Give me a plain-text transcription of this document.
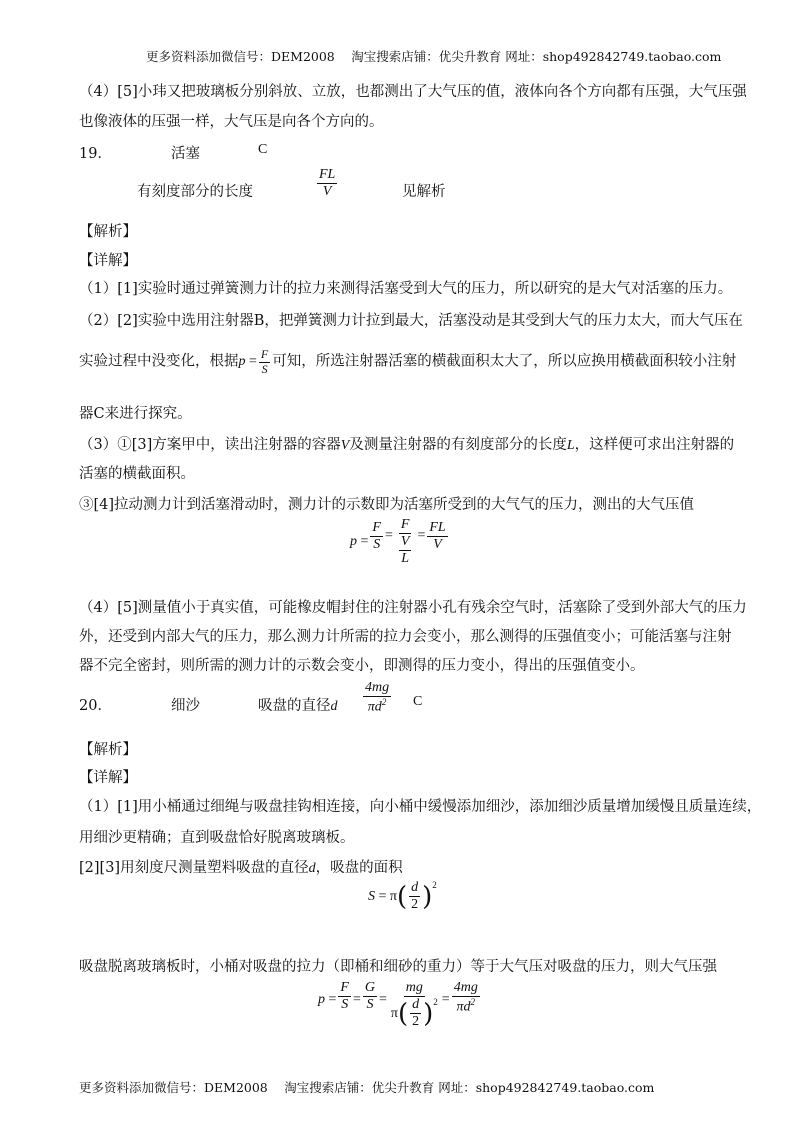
更多资料添加微信号：DEM2008　 淘宝搜索店铺：优尖升教育 网址：shop492842749.taobao.com
（4）[5]小玮又把玻璃板分别斜放、立放，也都测出了大气压的值，液体向各个方向都有压强，大气压强
也像液体的压强一样，大气压是向各个方向的。
19．	活塞	C
有刻度部分的长度	$\frac{FL}{V}$	见解析
【解析】
【详解】
（1）[1]实验时通过弹簧测力计的拉力来测得活塞受到大气的压力，所以研究的是大气对活塞的压力。
（2）[2]实验中选用注射器B，把弹簧测力计拉到最大，活塞没动是其受到大气的压力太大，而大气压在
实验过程中没变化，根据 p
= $\frac{F}{S}$ 可知，所选注射器活塞的横截面积太大了，所以应换用横截面积较小注射
器C来进行探究。
（3）①[3]方案甲中，读出注射器的容器V及测量注射器的有刻度部分的长度L，这样便可求出注射器的
活塞的横截面积。
③[4]拉动测力计到活塞滑动时，测力计的示数即为活塞所受到的大气气的压力，测出的大气压值
p
= $\frac{F}{S} = \frac{F}{\frac{V}{L}} = \frac{FL}{V}$
（4）[5]测量值小于真实值，可能橡皮帽封住的注射器小孔有残余空气时，活塞除了受到外部大气的压力
外，还受到内部大气的压力，那么测力计所需的拉力会变小，那么测得的压强值变小；可能活塞与注射
器不完全密封，则所需的测力计的示数会变小，即测得的压力变小，得出的压强值变小。
20．	细沙	吸盘的直径d $\frac{4mg}{\pi d^2}$ C
【解析】
【详解】
（1）[1]用小桶通过细绳与吸盘挂钩相连接，向小桶中缓慢添加细沙，添加细沙质量增加缓慢且质量连续，
用细沙更精确；直到吸盘恰好脱离玻璃板。
[2][3]用刻度尺测量塑料吸盘的直径d，吸盘的面积
S
=
π ( $\frac{d}{2} )^2$
吸盘脱离玻璃板时，小桶对吸盘的拉力（即桶和细砂的重力）等于大气压对吸盘的压力，则大气压强
p
= $\frac{F}{S} = \frac{G}{S} = \frac{mg}{\pi ( \frac{d}{2} )^2} = \frac{4mg}{\pi d^2}$
更多资料添加微信号：DEM2008　 淘宝搜索店铺：优尖升教育 网址：shop492842749.taobao.com
